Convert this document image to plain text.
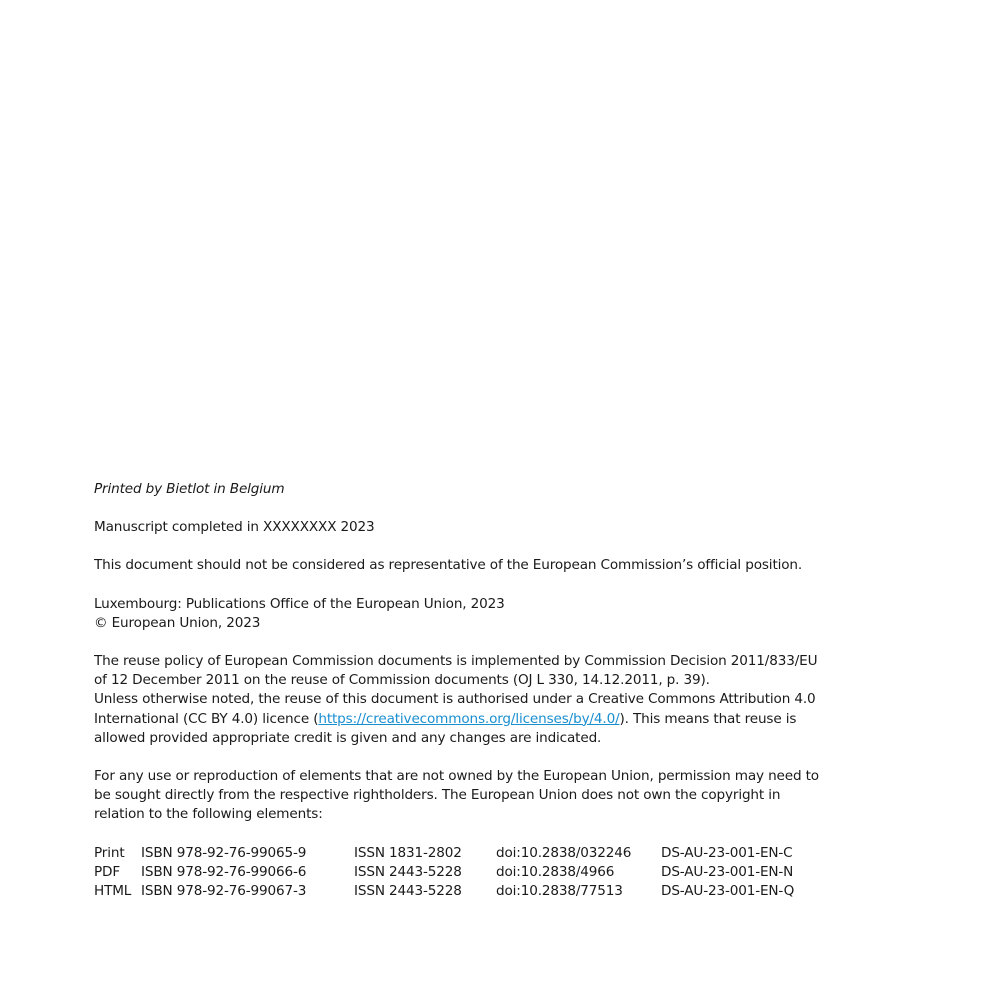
Printed by Bietlot in Belgium

Manuscript completed in XXXXXXXX 2023

This document should not be considered as representative of the European Commission’s official position.

Luxembourg: Publications Office of the European Union, 2023

© European Union, 2023

The reuse policy of European Commission documents is implemented by Commission Decision 2011/833/EU of 12 December 2011 on the reuse of Commission documents (OJ L 330, 14.12.2011, p. 39).

Unless otherwise noted, the reuse of this document is authorised under a Creative Commons Attribution 4.0 International (CC BY 4.0) licence (https://creativecommons.org/licenses/by/4.0/). This means that reuse is allowed provided appropriate credit is given and any changes are indicated.

For any use or reproduction of elements that are not owned by the European Union, permission may need to be sought directly from the respective rightholders. The European Union does not own the copyright in relation to the following elements:

Print	ISBN 978-92-76-99065-9	ISSN 1831-2802	doi:10.2838/032246	DS-AU-23-001-EN-C
PDF	ISBN 978-92-76-99066-6	ISSN 2443-5228	doi:10.2838/4966	DS-AU-23-001-EN-N
HTML	ISBN 978-92-76-99067-3	ISSN 2443-5228	doi:10.2838/77513	DS-AU-23-001-EN-Q
